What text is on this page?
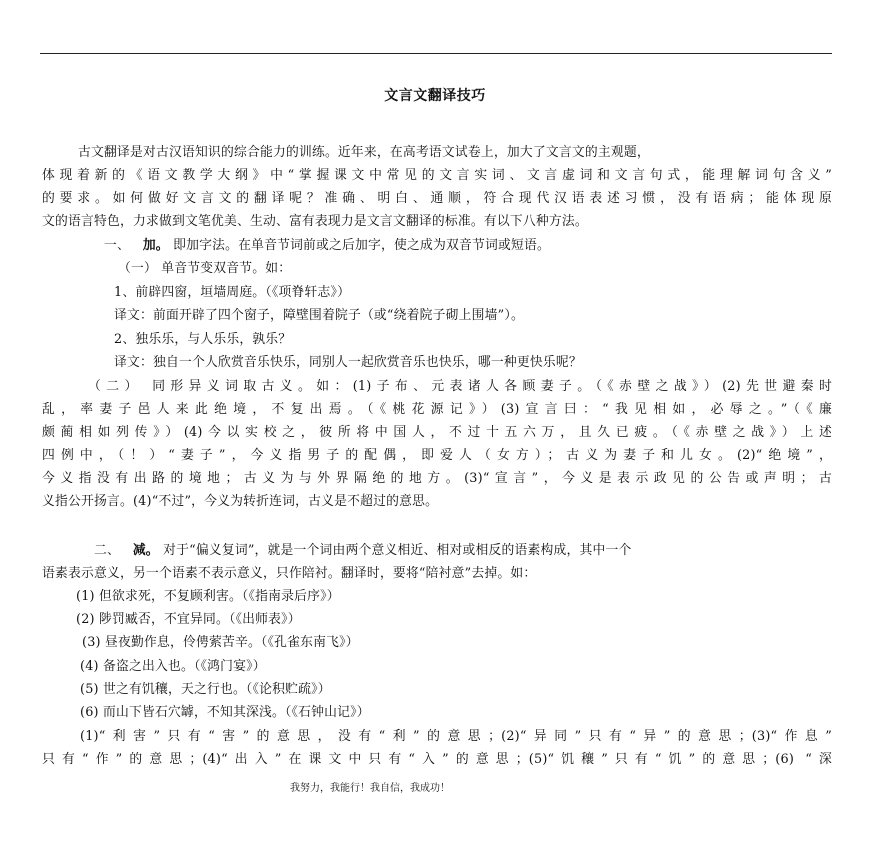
文言文翻译技巧
古文翻译是对古汉语知识的综合能力的训练。近年来，在高考语文试卷上，加大了文言文的主观题，
体现着新的《语文教学大纲》中“掌握课文中常见的文言实词、文言虚词和文言句式，能理解词句含义”
的要求。如何做好文言文的翻译呢？准确、明白、通顺，符合现代汉语表述习惯，没有语病；能体现原
文的语言特色，力求做到文笔优美、生动、富有表现力是文言文翻译的标准。有以下八种方法。
一、 加。 即加字法。在单音节词前或之后加字，使之成为双音节词或短语。
（一） 单音节变双音节。如：
1、前辟四窗，垣墙周庭。（《项脊轩志》）
译文：前面开辟了四个窗子，障壁围着院子（或“绕着院子砌上围墙”）。
2、独乐乐，与人乐乐，孰乐？
译文：独自一个人欣赏音乐快乐，同别人一起欣赏音乐也快乐，哪一种更快乐呢？
（二） 同形异义词取古义。如：(1)子布、元表诸人各顾妻子。（《赤壁之战》）(2)先世避秦时
乱，率妻子邑人来此绝境，不复出焉。（《桃花源记》）(3)宣言曰：“我见相如，必辱之。”（《廉
颇蔺相如列传》）(4)今以实校之，彼所将中国人，不过十五六万，且久已疲。（《赤壁之战》）上述
四例中，（！）“妻子”，今义指男子的配偶，即爱人（女方）；古义为妻子和儿女。(2)“绝境”，
今义指没有出路的境地；古义为与外界隔绝的地方。(3)“宣言”，今义是表示政见的公告或声明；古
义指公开扬言。(4)“不过”，今义为转折连词，古义是不超过的意思。
二、 减。 对于“偏义复词”，就是一个词由两个意义相近、相对或相反的语素构成，其中一个
语素表示意义，另一个语素不表示意义，只作陪衬。翻译时，要将“陪衬意”去掉。如：
(1) 但欲求死，不复顾利害。（《指南录后序》）
(2) 陟罚臧否，不宜异同。（《出师表》）
(3) 昼夜勤作息，伶俜萦苦辛。（《孔雀东南飞》）
(4) 备盗之出入也。（《鸿门宴》）
(5) 世之有饥穰，天之行也。（《论积贮疏》）
(6) 而山下皆石穴罅，不知其深浅。（《石钟山记》）
(1)“利害”只有“害”的意思，没有“利”的意思；(2)“异同”只有“异”的意思；(3)“作息”
只有“作”的意思；(4)“出入”在课文中只有“入”的意思；(5)“饥穰”只有“饥”的意思；(6) “深
我努力，我能行！我自信，我成功！
